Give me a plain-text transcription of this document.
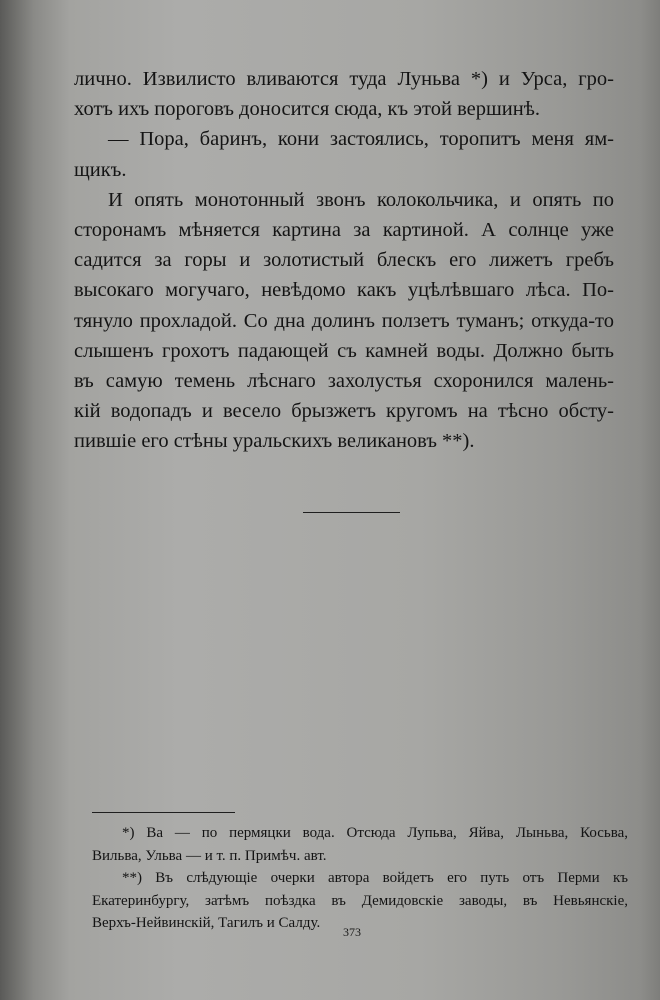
лично. Извилисто вливаются туда Луньва *) и Урса, гро-
хотъ ихъ пороговъ доносится сюда, къ этой вершинѣ.
— Пора, баринъ, кони застоялись, торопитъ меня ям-
щикъ.
И опять монотонный звонъ колокольчика, и опять по
сторонамъ мѣняется картина за картиной. А солнце уже
садится за горы и золотистый блескъ его лижетъ гребъ
высокаго могучаго, невѣдомо какъ уцѣлѣвшаго лѣса. По-
тянуло прохладой. Со дна долинъ ползетъ туманъ; откуда-то
слышенъ грохотъ падающей съ камней воды. Должно быть
въ самую темень лѣснаго захолустья схоронился малень-
кій водопадъ и весело брызжетъ кругомъ на тѣсно обсту-
пившіе его стѣны уральскихъ великановъ **).
*) Ва — по пермяцки вода. Отсюда Лупьва, Яйва, Лыньва, Косьва,
Вильва, Ульва — и т. п. Примѣч. авт.
**) Въ слѣдующіе очерки автора войдетъ его путь отъ Перми къ
Екатеринбургу, затѣмъ поѣздка въ Демидовскіе заводы, въ Невьянскіе,
Верхъ-Нейвинскій, Тагилъ и Салду.
373
